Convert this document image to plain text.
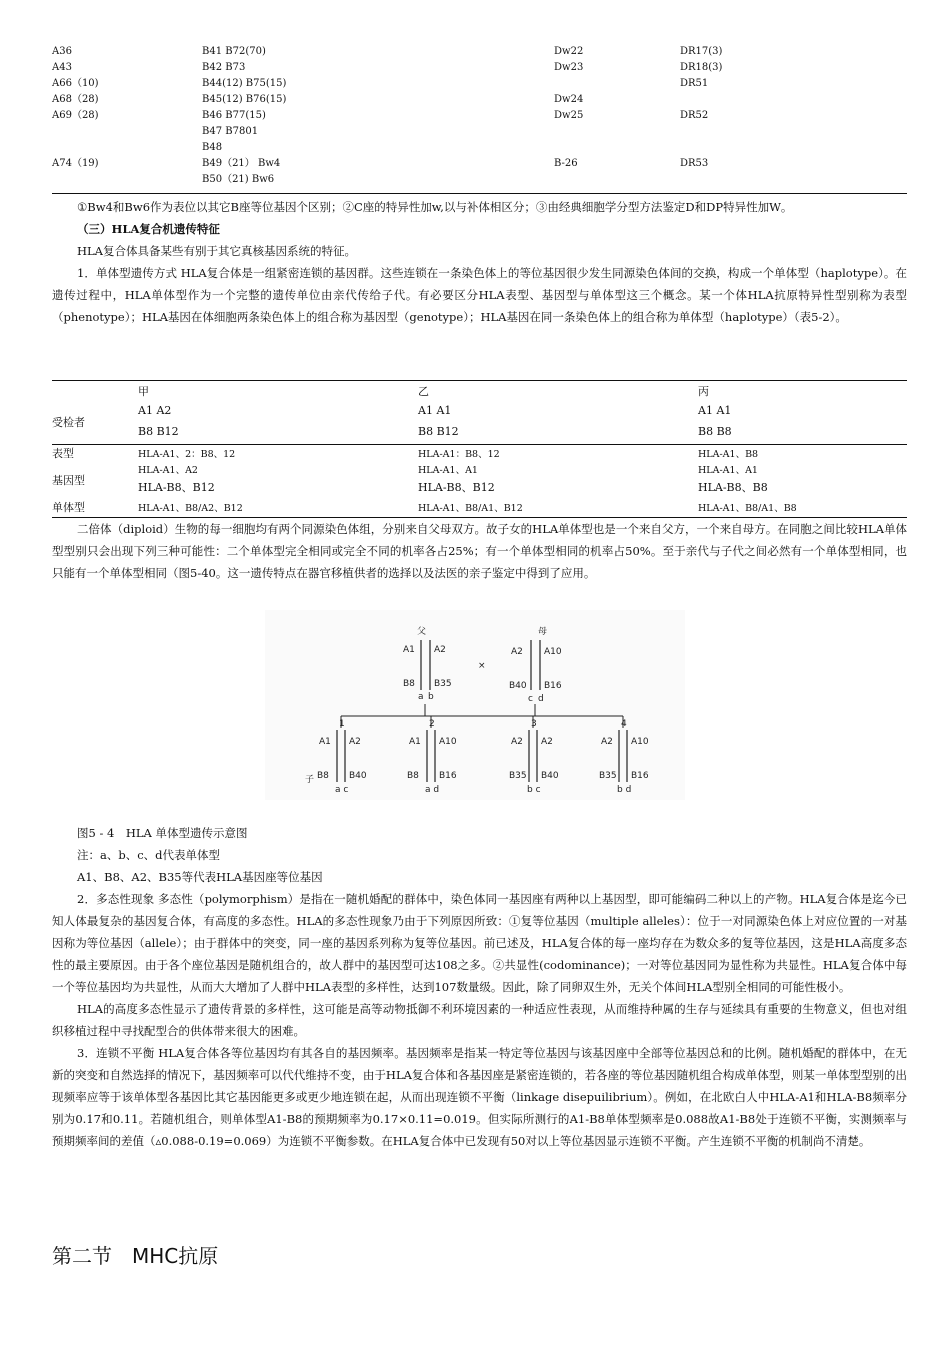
A36	B41 B72(70)	Dw22	DR17(3)
A43	B42 B73	Dw23	DR18(3)
A66（10)	B44(12) B75(15)		DR51
A68（28)	B45(12) B76(15)	Dw24	
A69（28)	B46 B77(15)	Dw25	DR52
	B47 B7801		
	B48		
A74（19)	B49（21） Bw4	B-26	DR53
	B50（21) Bw6		

①Bw4和Bw6作为表位以其它B座等位基因个区别；②C座的特异性加w,以与补体相区分；③由经典细胞学分型方法鉴定D和DP特异性加W。

（三）HLA复合机遗传特征

HLA复合体具备某些有别于其它真核基因系统的特征。

1．单体型遗传方式 HLA复合体是一组紧密连锁的基因群。这些连锁在一条染色体上的等位基因很少发生同源染色体间的交换，构成一个单体型（haplotype）。在遗传过程中，HLA单体型作为一个完整的遗传单位由亲代传给子代。有必要区分HLA表型、基因型与单体型这三个概念。某一个体HLA抗原特异性型别称为表型（phenotype）；HLA基因在体细胞两条染色体上的组合称为基因型（genotype）；HLA基因在同一条染色体上的组合称为单体型（haplotype）（表5-2）。

	甲	乙	丙
受检者	A1 A2	A1 A1	A1 A1
	B8 B12	B8 B12	B8 B8
表型	HLA-A1、2：B8、12	HLA-A1：B8、12	HLA-A1、B8
基因型	HLA-A1、A2	HLA-A1、A1	HLA-A1、A1
	HLA-B8、B12	HLA-B8、B12	HLA-B8、B8
单体型	HLA-A1、B8/A2、B12	HLA-A1、B8/A1、B12	HLA-A1、B8/A1、B8

二倍体（diploid）生物的每一细胞均有两个同源染色体组，分别来自父母双方。故子女的HLA单体型也是一个来自父方，一个来自母方。在同胞之间比较HLA单体型型别只会出现下列三种可能性：二个单体型完全相同或完全不同的机率各占25%；有一个单体型相同的机率占50%。至于亲代与子代之间必然有一个单体型相同，也只能有一个单体型相同（图5-40。这一遗传特点在器官移植供者的选择以及法医的亲子鉴定中得到了应用。

图5 - 4　HLA 单体型遗传示意图

注：a、b、c、d代表单体型

A1、B8、A2、B35等代表HLA基因座等位基因

2．多态性现象 多态性（polymorphism）是指在一随机婚配的群体中，染色体同一基因座有两种以上基因型，即可能编码二种以上的产物。HLA复合体是迄今已知人体最复杂的基因复合体，有高度的多态性。HLA的多态性现象乃由于下列原因所致：①复等位基因（multiple alleles）：位于一对同源染色体上对应位置的一对基因称为等位基因（allele）；由于群体中的突变，同一座的基因系列称为复等位基因。前已述及，HLA复合体的每一座均存在为数众多的复等位基因，这是HLA高度多态性的最主要原因。由于各个座位基因是随机组合的，故人群中的基因型可达108之多。②共显性(codominance)；一对等位基因同为显性称为共显性。HLA复合体中每一个等位基因均为共显性，从而大大增加了人群中HLA表型的多样性，达到107数量级。因此，除了同卵双生外，无关个体间HLA型别全相同的可能性极小。

HLA的高度多态性显示了遗传背景的多样性，这可能是高等动物抵御不利环境因素的一种适应性表现，从而维持种属的生存与延续具有重要的生物意义，但也对组织移植过程中寻找配型合的供体带来很大的困难。

3．连锁不平衡 HLA复合体各等位基因均有其各自的基因频率。基因频率是指某一特定等位基因与该基因座中全部等位基因总和的比例。随机婚配的群体中，在无新的突变和自然选择的情况下，基因频率可以代代维持不变，由于HLA复合体和各基因座是紧密连锁的，若各座的等位基因随机组合构成单体型，则某一单体型型别的出现频率应等于该单体型各基因比其它基因能更多或更少地连锁在起，从而出现连锁不平衡（linkage disepuilibrium）。例如，在北欧白人中HLA-A1和HLA-B8频率分别为0.17和0.11。若随机组合，则单体型A1-B8的预期频率为0.17×0.11=0.019。但实际所测行的A1-B8单体型频率是0.088故A1-B8处于连锁不平衡，实测频率与预期频率间的差值（▵0.088-0.19=0.069）为连锁不平衡参数。在HLA复合体中已发现有50对以上等位基因显示连锁不平衡。产生连锁不平衡的机制尚不清楚。

第二节　MHC抗原
父	母
×
A1 A2
B8 B35
a b
A2 A10
B40 B16
c d
子
1
A1 A2
B8 B40
a c
2
A1 A10
B8 B16
a d
3
A2 A2
B35 B40
b c
4
A2 A10
B35 B16
b d
